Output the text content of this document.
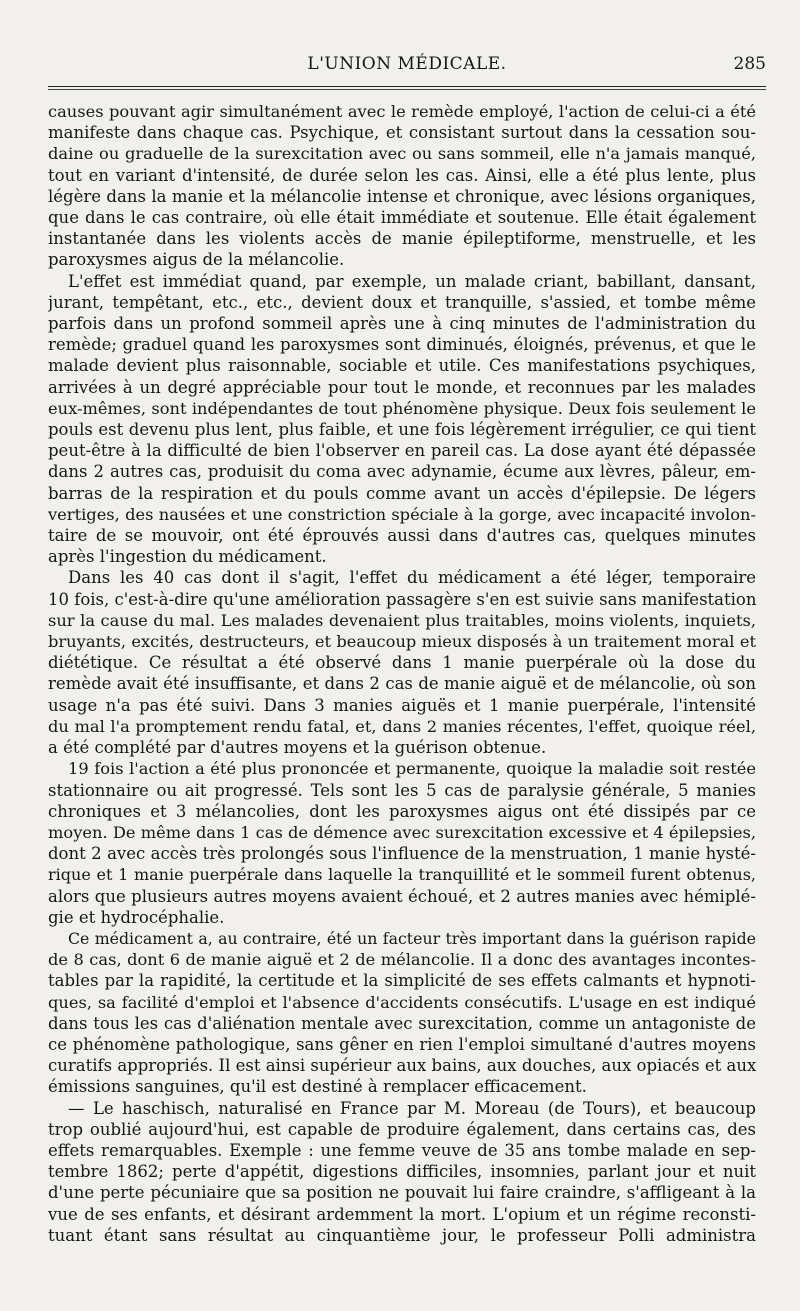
L'UNION MÉDICALE.	285
causes pouvant agir simultanément avec le remède employé, l'action de celui-ci a été
manifeste dans chaque cas. Psychique, et consistant surtout dans la cessation sou-
daine ou graduelle de la surexcitation avec ou sans sommeil, elle n'a jamais manqué,
tout en variant d'intensité, de durée selon les cas. Ainsi, elle a été plus lente, plus
légère dans la manie et la mélancolie intense et chronique, avec lésions organiques,
que dans le cas contraire, où elle était immédiate et soutenue. Elle était également
instantanée dans les violents accès de manie épileptiforme, menstruelle, et les
paroxysmes aigus de la mélancolie.
L'effet est immédiat quand, par exemple, un malade criant, babillant, dansant,
jurant, tempêtant, etc., etc., devient doux et tranquille, s'assied, et tombe même
parfois dans un profond sommeil après une à cinq minutes de l'administration du
remède; graduel quand les paroxysmes sont diminués, éloignés, prévenus, et que le
malade devient plus raisonnable, sociable et utile. Ces manifestations psychiques,
arrivées à un degré appréciable pour tout le monde, et reconnues par les malades
eux-mêmes, sont indépendantes de tout phénomène physique. Deux fois seulement le
pouls est devenu plus lent, plus faible, et une fois légèrement irrégulier, ce qui tient
peut-être à la difficulté de bien l'observer en pareil cas. La dose ayant été dépassée
dans 2 autres cas, produisit du coma avec adynamie, écume aux lèvres, pâleur, em-
barras de la respiration et du pouls comme avant un accès d'épilepsie. De légers
vertiges, des nausées et une constriction spéciale à la gorge, avec incapacité involon-
taire de se mouvoir, ont été éprouvés aussi dans d'autres cas, quelques minutes
après l'ingestion du médicament.
Dans les 40 cas dont il s'agit, l'effet du médicament a été léger, temporaire
10 fois, c'est-à-dire qu'une amélioration passagère s'en est suivie sans manifestation
sur la cause du mal. Les malades devenaient plus traitables, moins violents, inquiets,
bruyants, excités, destructeurs, et beaucoup mieux disposés à un traitement moral et
diététique. Ce résultat a été observé dans 1 manie puerpérale où la dose du
remède avait été insuffisante, et dans 2 cas de manie aiguë et de mélancolie, où son
usage n'a pas été suivi. Dans 3 manies aiguës et 1 manie puerpérale, l'intensité
du mal l'a promptement rendu fatal, et, dans 2 manies récentes, l'effet, quoique réel,
a été complété par d'autres moyens et la guérison obtenue.
19 fois l'action a été plus prononcée et permanente, quoique la maladie soit restée
stationnaire ou ait progressé. Tels sont les 5 cas de paralysie générale, 5 manies
chroniques et 3 mélancolies, dont les paroxysmes aigus ont été dissipés par ce
moyen. De même dans 1 cas de démence avec surexcitation excessive et 4 épilepsies,
dont 2 avec accès très prolongés sous l'influence de la menstruation, 1 manie hysté-
rique et 1 manie puerpérale dans laquelle la tranquillité et le sommeil furent obtenus,
alors que plusieurs autres moyens avaient échoué, et 2 autres manies avec hémiplé-
gie et hydrocéphalie.
Ce médicament a, au contraire, été un facteur très important dans la guérison rapide
de 8 cas, dont 6 de manie aiguë et 2 de mélancolie. Il a donc des avantages incontes-
tables par la rapidité, la certitude et la simplicité de ses effets calmants et hypnoti-
ques, sa facilité d'emploi et l'absence d'accidents consécutifs. L'usage en est indiqué
dans tous les cas d'aliénation mentale avec surexcitation, comme un antagoniste de
ce phénomène pathologique, sans gêner en rien l'emploi simultané d'autres moyens
curatifs appropriés. Il est ainsi supérieur aux bains, aux douches, aux opiacés et aux
émissions sanguines, qu'il est destiné à remplacer efficacement.
— Le haschisch, naturalisé en France par M. Moreau (de Tours), et beaucoup
trop oublié aujourd'hui, est capable de produire également, dans certains cas, des
effets remarquables. Exemple : une femme veuve de 35 ans tombe malade en sep-
tembre 1862; perte d'appétit, digestions difficiles, insomnies, parlant jour et nuit
d'une perte pécuniaire que sa position ne pouvait lui faire craindre, s'affligeant à la
vue de ses enfants, et désirant ardemment la mort. L'opium et un régime reconsti-
tuant étant sans résultat au cinquantième jour, le professeur Polli administra
